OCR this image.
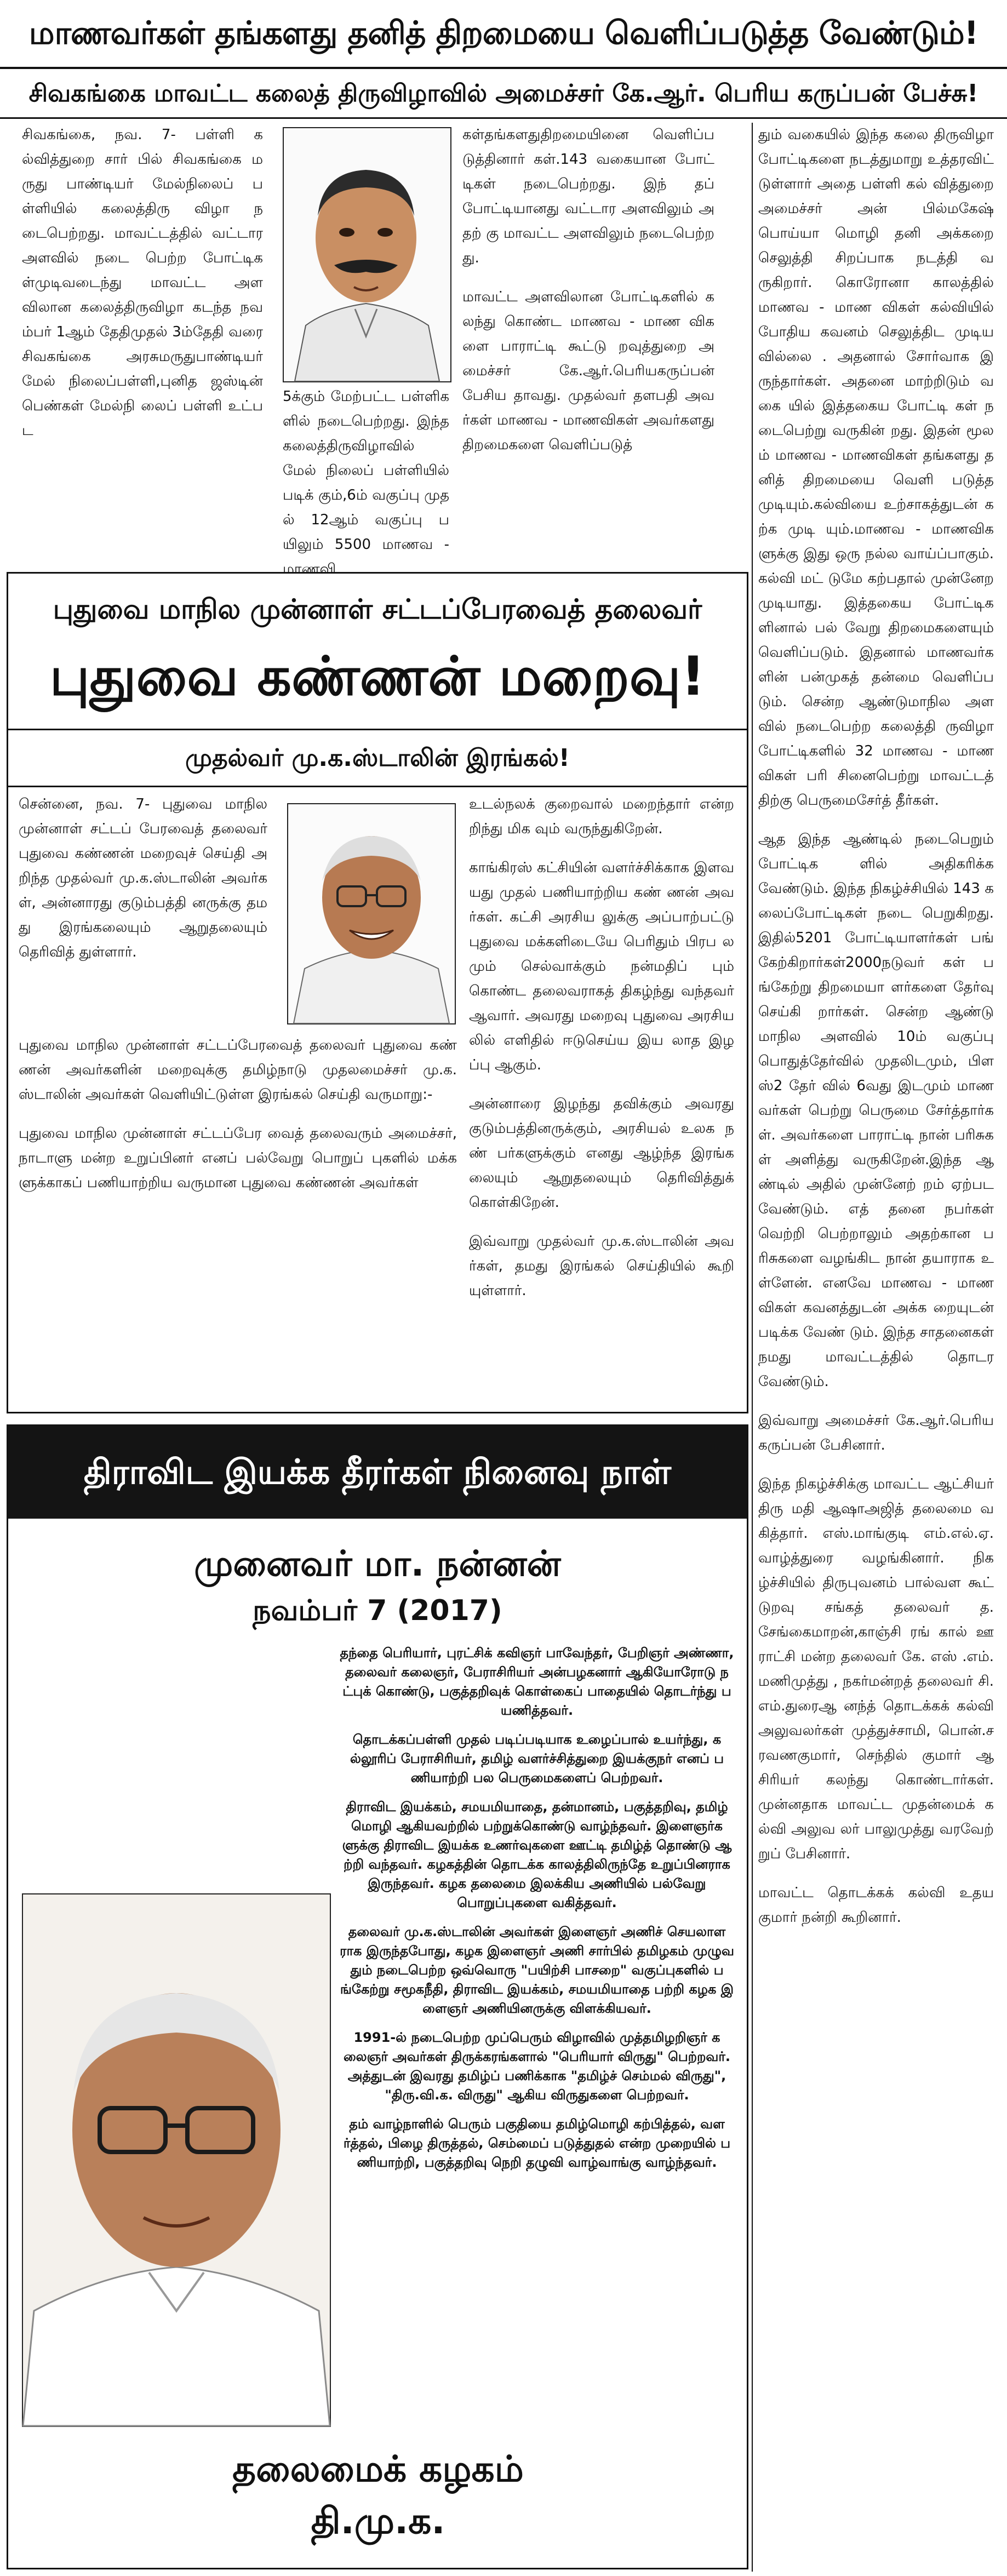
மாணவர்கள் தங்களது தனித் திறமையை வெளிப்படுத்த வேண்டும்!
சிவகங்கை மாவட்ட கலைத் திருவிழாவில் அமைச்சர் கே.ஆர். பெரிய கருப்பன் பேச்சு!

சிவகங்கை, நவ. 7- பள்ளி கல்வித்துறை சார் பில் சிவகங்கை மருது பாண்டியர் மேல்நிலைப் பள்ளியில் கலைத்திரு விழா நடைபெற்றது. மாவட்டத்தில் வட்டார அளவில் நடை பெற்ற போட்டிகள்முடிவடைந்து மாவட்ட அளவிலான கலைத்திருவிழா கடந்த நவம்பர் 1ஆம் தேதிமுதல் 3ம்தேதி வரை சிவகங்கை அரசுமருதுபாண்டியர் மேல் நிலைப்பள்ளி,புனித ஜஸ்டின் பெண்கள் மேல்நி லைப் பள்ளி உட்பட

5க்கும் மேற்பட்ட பள்ளிக ளில் நடைபெற்றது. இந்த கலைத்திருவிழாவில் மேல் நிலைப் பள்ளியில் படிக் கும்,6ம் வகுப்பு முதல் 12ஆம் வகுப்பு பயிலும் 5500 மாணவ - மாணவி

கள்தங்களதுதிறமையினை வெளிப்படுத்தினார் கள்.143 வகையான போட் டிகள் நடைபெற்றது. இந் தப் போட்டியானது வட்டார அளவிலும் அதற் கு மாவட்ட அளவிலும் நடைபெற்றது.

மாவட்ட அளவிலான போட்டிகளில் கலந்து கொண்ட மாணவ - மாண விகளை பாராட்டி கூட்டு றவுத்துறை அமைச்சர் கே.ஆர்.பெரியகருப்பன் பேசிய தாவது. முதல்வர் தளபதி அவர்கள் மாணவ - மாணவிகள் அவர்களது திறமைகளை வெளிப்படுத்

தும் வகையில் இந்த கலை திருவிழா போட்டிகளை நடத்துமாறு உத்தரவிட் டுள்ளார் அதை பள்ளி கல் வித்துறை அமைச்சர் அன் பில்மகேஷ் பொய்யா மொழி தனி அக்கறை செலுத்தி சிறப்பாக நடத்தி வருகிறார். கொரோனா காலத்தில் மாணவ - மாண விகள் கல்வியில் போதிய கவனம் செலுத்திட முடிய வில்லை . அதனால் சோர்வாக இருந்தார்கள். அதனை மாற்றிடும் வகை யில் இத்தகைய போட்டி கள் நடைபெற்று வருகின் றது. இதன் மூலம் மாணவ - மாணவிகள் தங்களது தனித் திறமையை வெளி படுத்த முடியும்.கல்வியை உற்சாகத்துடன் கற்க முடி யும்.மாணவ - மாணவிக ளுக்கு இது ஒரு நல்ல வாய்ப்பாகும். கல்வி மட் டுமே கற்பதால் முன்னேற முடியாது. இத்தகைய போட்டிகளினால் பல் வேறு திறமைகளையும் வெளிப்படும். இதனால் மாணவர்களின் பன்முகத் தன்மை வெளிப்படும். சென்ற ஆண்டுமாநில அள வில் நடைபெற்ற கலைத்தி ருவிழா போட்டிகளில் 32 மாணவ - மாணவிகள் பரி சினைபெற்று மாவட்டத் திற்கு பெருமைசேர்த் தீர்கள்.

ஆத இந்த ஆண்டில் நடைபெறும் போட்டிக ளில் அதிகரிக்க வேண்டும். இந்த நிகழ்ச்சியில் 143 கலைப்போட்டிகள் நடை பெறுகிறது. இதில்5201 போட்டியாளர்கள் பங் கேற்கிறார்கள்2000நடுவர் கள் பங்கேற்று திறமையா ளர்களை தேர்வு செய்கி றார்கள். சென்ற ஆண்டு மாநில அளவில் 10ம் வகுப்பு பொதுத்தேர்வில் முதலிடமும், பிளஸ்2 தேர் வில் 6வது இடமும் மாண வர்கள் பெற்று பெருமை சேர்த்தார்கள். அவர்களை பாராட்டி நான் பரிசுகள் அளித்து வருகிறேன்.இந்த ஆண்டில் அதில் முன்னேற் றம் ஏற்பட வேண்டும். எத் தனை நபர்கள் வெற்றி பெற்றாலும் அதற்கான பரிசுகளை வழங்கிட நான் தயாராக உள்ளேன். எனவே மாணவ - மாண விகள் கவனத்துடன் அக்க றையுடன் படிக்க வேண் டும். இந்த சாதனைகள் நமது மாவட்டத்தில் தொடர வேண்டும்.

இவ்வாறு அமைச்சர் கே.ஆர்.பெரிய கருப்பன் பேசினார்.

இந்த நிகழ்ச்சிக்கு மாவட்ட ஆட்சியர் திரு மதி ஆஷாஅஜித் தலைமை வகித்தார். எஸ்.மாங்குடி எம்.எல்.ஏ.வாழ்த்துரை வழங்கினார். நிகழ்ச்சியில் திருபுவனம் பால்வள கூட் டுறவு சங்கத் தலைவர் த. சேங்கைமாறன்,காஞ்சி ரங் கால் ஊராட்சி மன்ற தலைவர் கே. எஸ் .எம். மணிமுத்து , நகர்மன்றத் தலைவர் சி.எம்.துரைஆ னந்த் தொடக்கக் கல்வி அலுவலர்கள் முத்துச்சாமி, பொன்.சரவணகுமார், செந்தில் குமார் ஆசிரியர் கலந்து கொண்டார்கள். முன்னதாக மாவட்ட முதன்மைக் கல்வி அலுவ லர் பாலுமுத்து வரவேற் றுப் பேசினார்.

மாவட்ட தொடக்கக் கல்வி உதயகுமார் நன்றி கூறினார்.

புதுவை மாநில முன்னாள் சட்டப்பேரவைத் தலைவர்
புதுவை கண்ணன் மறைவு!
முதல்வர் மு.க.ஸ்டாலின் இரங்கல்!

சென்னை, நவ. 7- புதுவை மாநில முன்னாள் சட்டப் பேரவைத் தலைவர் புதுவை கண்ணன் மறைவுச் செய்தி அறிந்த முதல்வர் மு.க.ஸ்டாலின் அவர்கள், அன்னாரது குடும்பத்தி னருக்கு தமது இரங்கலையும் ஆறுதலையும் தெரிவித் துள்ளார்.

உடல்நலக் குறைவால் மறைந்தார் என்றறிந்து மிக வும் வருந்துகிறேன்.

காங்கிரஸ் கட்சியின் வளர்ச்சிக்காக இளவயது முதல் பணியாற்றிய கண் ணன் அவர்கள். கட்சி அரசிய லுக்கு அப்பாற்பட்டு புதுவை மக்களிடையே பெரிதும் பிரப லமும் செல்வாக்கும் நன்மதிப் பும் கொண்ட தலைவராகத் திகழ்ந்து வந்தவர் ஆவார். அவரது மறைவு புதுவை அரசியலில் எளிதில் ஈடுசெய்ய இய லாத இழப்பு ஆகும்.

அன்னாரை இழந்து தவிக்கும் அவரது குடும்பத்தினருக்கும், அரசியல் உலக நண் பர்களுக்கும் எனது ஆழ்ந்த இரங்கலையும் ஆறுதலையும் தெரிவித்துக் கொள்கிறேன்.

இவ்வாறு முதல்வர் மு.க.ஸ்டாலின் அவர்கள், தமது இரங்கல் செய்தியில் கூறி யுள்ளார்.

புதுவை மாநில முன்னாள் சட்டப்பேரவைத் தலைவர் புதுவை கண் ணன் அவர்களின் மறைவுக்கு தமிழ்நாடு முதலமைச்சர் மு.க.ஸ்டாலின் அவர்கள் வெளியிட்டுள்ள இரங்கல் செய்தி வருமாறு:-

புதுவை மாநில முன்னாள் சட்டப்பேர வைத் தலைவரும் அமைச்சர், நாடாளு மன்ற உறுப்பினர் எனப் பல்வேறு பொறுப் புகளில் மக்களுக்காகப் பணியாற்றிய வருமான புதுவை கண்ணன் அவர்கள்

திராவிட இயக்க தீரர்கள் நினைவு நாள்
முனைவர் மா. நன்னன்
நவம்பர் 7 (2017)

தந்தை பெரியார், புரட்சிக் கவிஞர் பாவேந்தர், பேறிஞர் அண்ணா, தலைவர் கலைஞர், பேராசிரியர் அன்பழகனார் ஆகியோரோடு நட்புக் கொண்டு, பகுத்தறிவுக் கொள்கைப் பாதையில் தொடர்ந்து பயணித்தவர்.

தொடக்கப்பள்ளி முதல் படிப்படியாக உழைப்பால் உயர்ந்து, கல்லூரிப் பேராசிரியர், தமிழ் வளர்ச்சித்துறை இயக்குநர் எனப் பணியாற்றி பல பெருமைகளைப் பெற்றவர்.

திராவிட இயக்கம், சமயமியாதை, தன்மானம், பகுத்தறிவு, தமிழ் மொழி ஆகியவற்றில் பற்றுக்கொண்டு வாழ்ந்தவர். இளைஞர்களுக்கு திராவிட இயக்க உணர்வுகளை ஊட்டி தமிழ்த் தொண்டு ஆற்றி வந்தவர். கழகத்தின் தொடக்க காலத்திலிருந்தே உறுப்பினராக இருந்தவர். கழக தலைமை இலக்கிய அணியில் பல்வேறு பொறுப்புகளை வகித்தவர்.

தலைவர் மு.க.ஸ்டாலின் அவர்கள் இளைஞர் அணிச் செயலாளராக இருந்தபோது, கழக இளைஞர் அணி சார்பில் தமிழகம் முழுவதும் நடைபெற்ற ஒவ்வொரு "பயிற்சி பாசறை" வகுப்புகளில் பங்கேற்று சமூகநீதி, திராவிட இயக்கம், சமயமியாதை பற்றி கழக இளைஞர் அணியினருக்கு விளக்கியவர்.

1991-ல் நடைபெற்ற முப்பெரும் விழாவில் முத்தமிழறிஞர் கலைஞர் அவர்கள் திருக்கரங்களால் "பெரியார் விருது" பெற்றவர். அத்துடன் இவரது தமிழ்ப் பணிக்காக "தமிழ்ச் செம்மல் விருது", "திரு.வி.க. விருது" ஆகிய விருதுகளை பெற்றவர்.

தம் வாழ்நாளில் பெரும் பகுதியை தமிழ்மொழி கற்பித்தல், வளர்த்தல், பிழை திருத்தல், செம்மைப் படுத்துதல் என்ற முறையில் பணியாற்றி, பகுத்தறிவு நெறி தழுவி வாழ்வாங்கு வாழ்ந்தவர்.

தலைமைக் கழகம்
தி.மு.க.
